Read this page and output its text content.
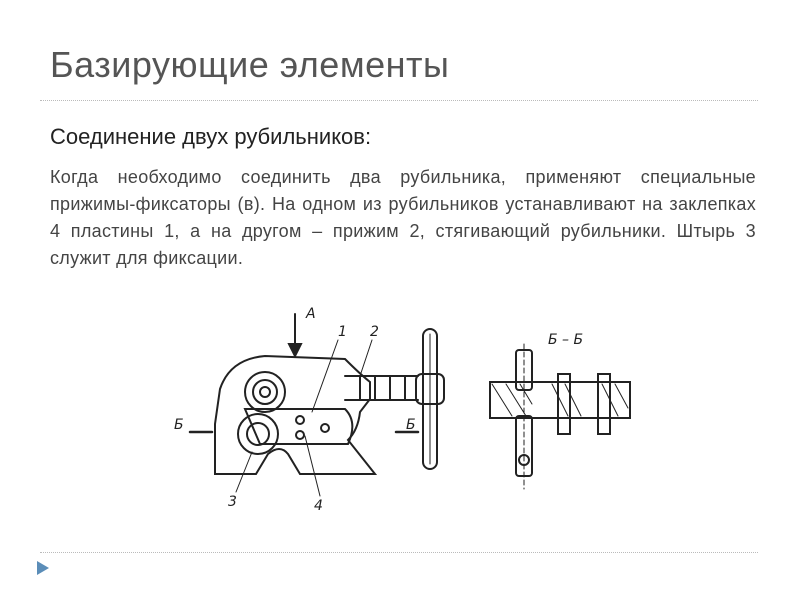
Базирующие элементы
Соединение двух рубильников:

Когда необходимо соединить два рубильника, применяют специальные прижимы-фиксаторы (в). На одном из рубильников устанавливают на заклепках 4 пластины 1, а на другом – прижим 2, стягивающий рубильники. Штырь 3 служит для фиксации.

А
1 2
3	4
Б	Б
Б – Б
